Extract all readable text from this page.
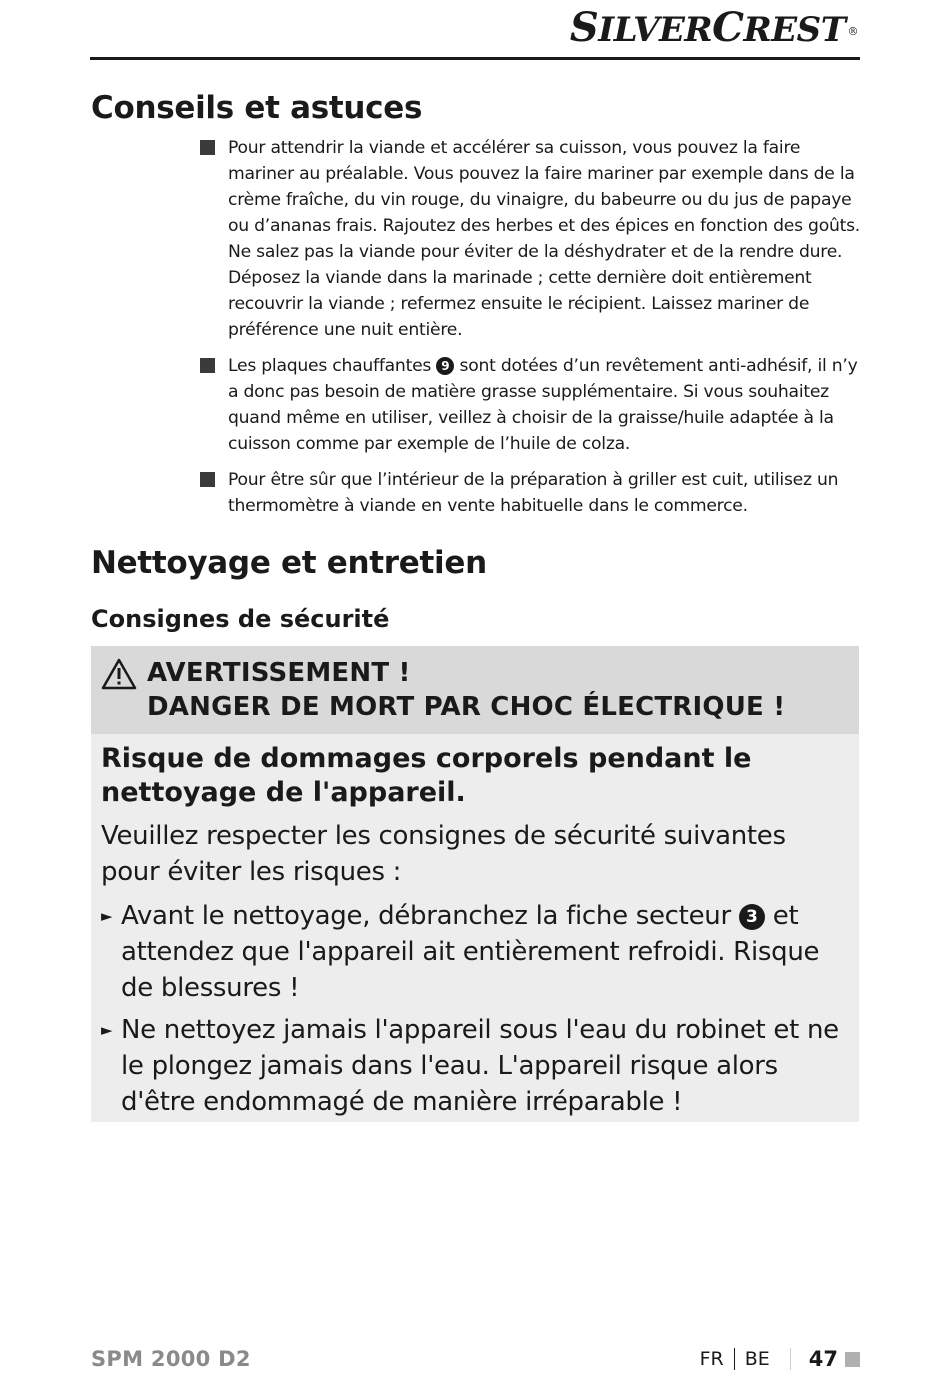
SILVERCREST ®
Conseils et astuces
Pour attendrir la viande et accélérer sa cuisson, vous pouvez la faire mariner au préalable. Vous pouvez la faire mariner par exemple dans de la crème fraîche, du vin rouge, du vinaigre, du babeurre ou du jus de papaye ou d’ananas frais. Rajoutez des herbes et des épices en fonction des goûts. Ne salez pas la viande pour éviter de la déshydrater et de la rendre dure. Déposez la viande dans la marinade ; cette dernière doit entièrement recouvrir la viande ; refermez ensuite le récipient. Laissez mariner de préférence une nuit entière.
Les plaques chauffantes 9 sont dotées d’un revêtement anti-adhésif, il n’y a donc pas besoin de matière grasse supplémentaire. Si vous souhaitez quand même en utiliser, veillez à choisir de la graisse/huile adaptée à la cuisson comme par exemple de l’huile de colza.
Pour être sûr que l’intérieur de la préparation à griller est cuit, utilisez un thermomètre à viande en vente habituelle dans le commerce.
Nettoyage et entretien
Consignes de sécurité
AVERTISSEMENT !
DANGER DE MORT PAR CHOC ÉLECTRIQUE !

Risque de dommages corporels pendant le nettoyage de l'appareil.

Veuillez respecter les consignes de sécurité suivantes pour éviter les risques :

► Avant le nettoyage, débranchez la fiche secteur 3 et attendez que l'appareil ait entièrement refroidi. Risque de blessures !
► Ne nettoyez jamais l'appareil sous l'eau du robinet et ne le plongez jamais dans l'eau. L'appareil risque alors d'être endommagé de manière irréparable !
SPM 2000 D2	FR BE 47
